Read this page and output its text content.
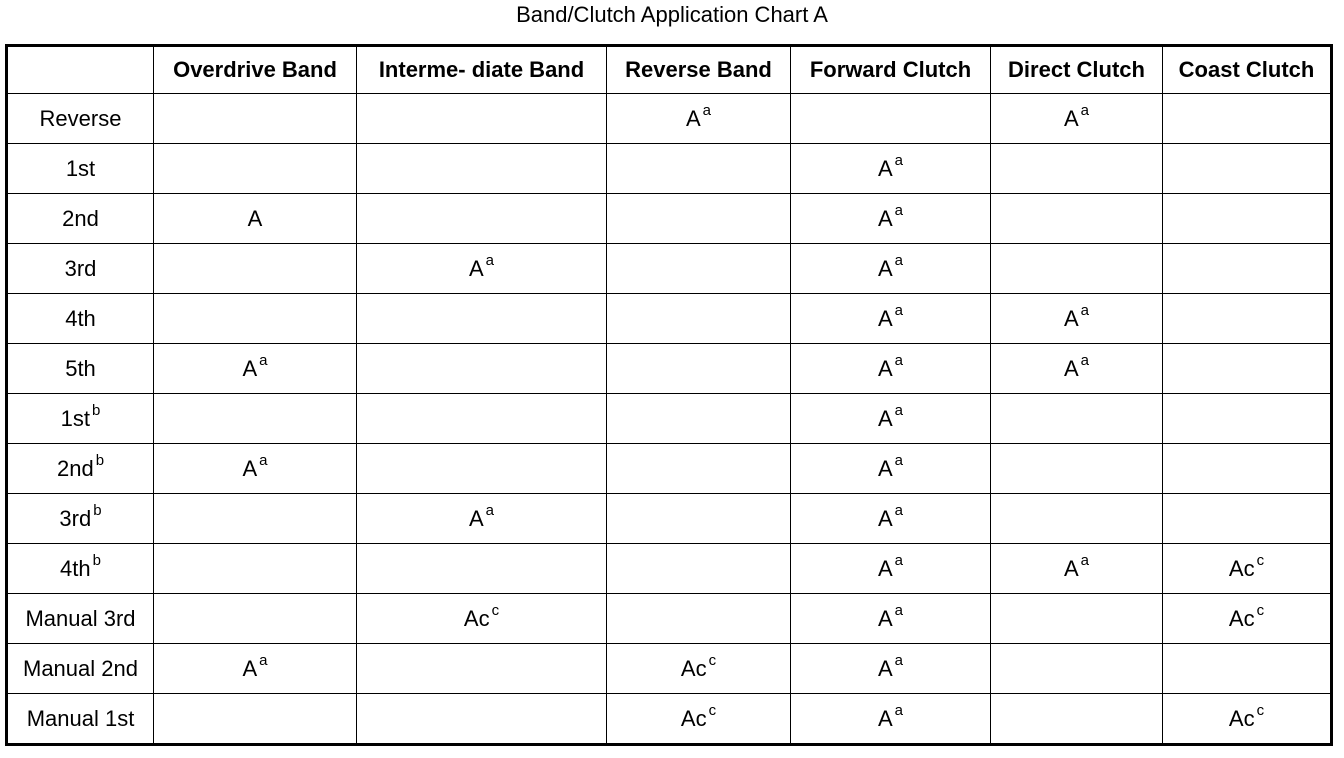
Band/Clutch Application Chart A
	Overdrive Band	Interme- diate Band	Reverse Band	Forward Clutch	Direct Clutch	Coast Clutch
Reverse			A $^a$		A $^a$	
1st				A $^a$		
2nd	A			A $^a$		
3rd		A $^a$		A $^a$		
4th				A $^a$	A $^a$	
5th	A $^a$			A $^a$	A $^a$	
1st $^b$				A $^a$		
2nd $^b$	A $^a$			A $^a$		
3rd $^b$		A $^a$		A $^a$		
4th $^b$				A $^a$	A $^a$	Ac $^c$
Manual 3rd		Ac $^c$		A $^a$		Ac $^c$
Manual 2nd	A $^a$		Ac $^c$	A $^a$		
Manual 1st			Ac $^c$	A $^a$		Ac $^c$
